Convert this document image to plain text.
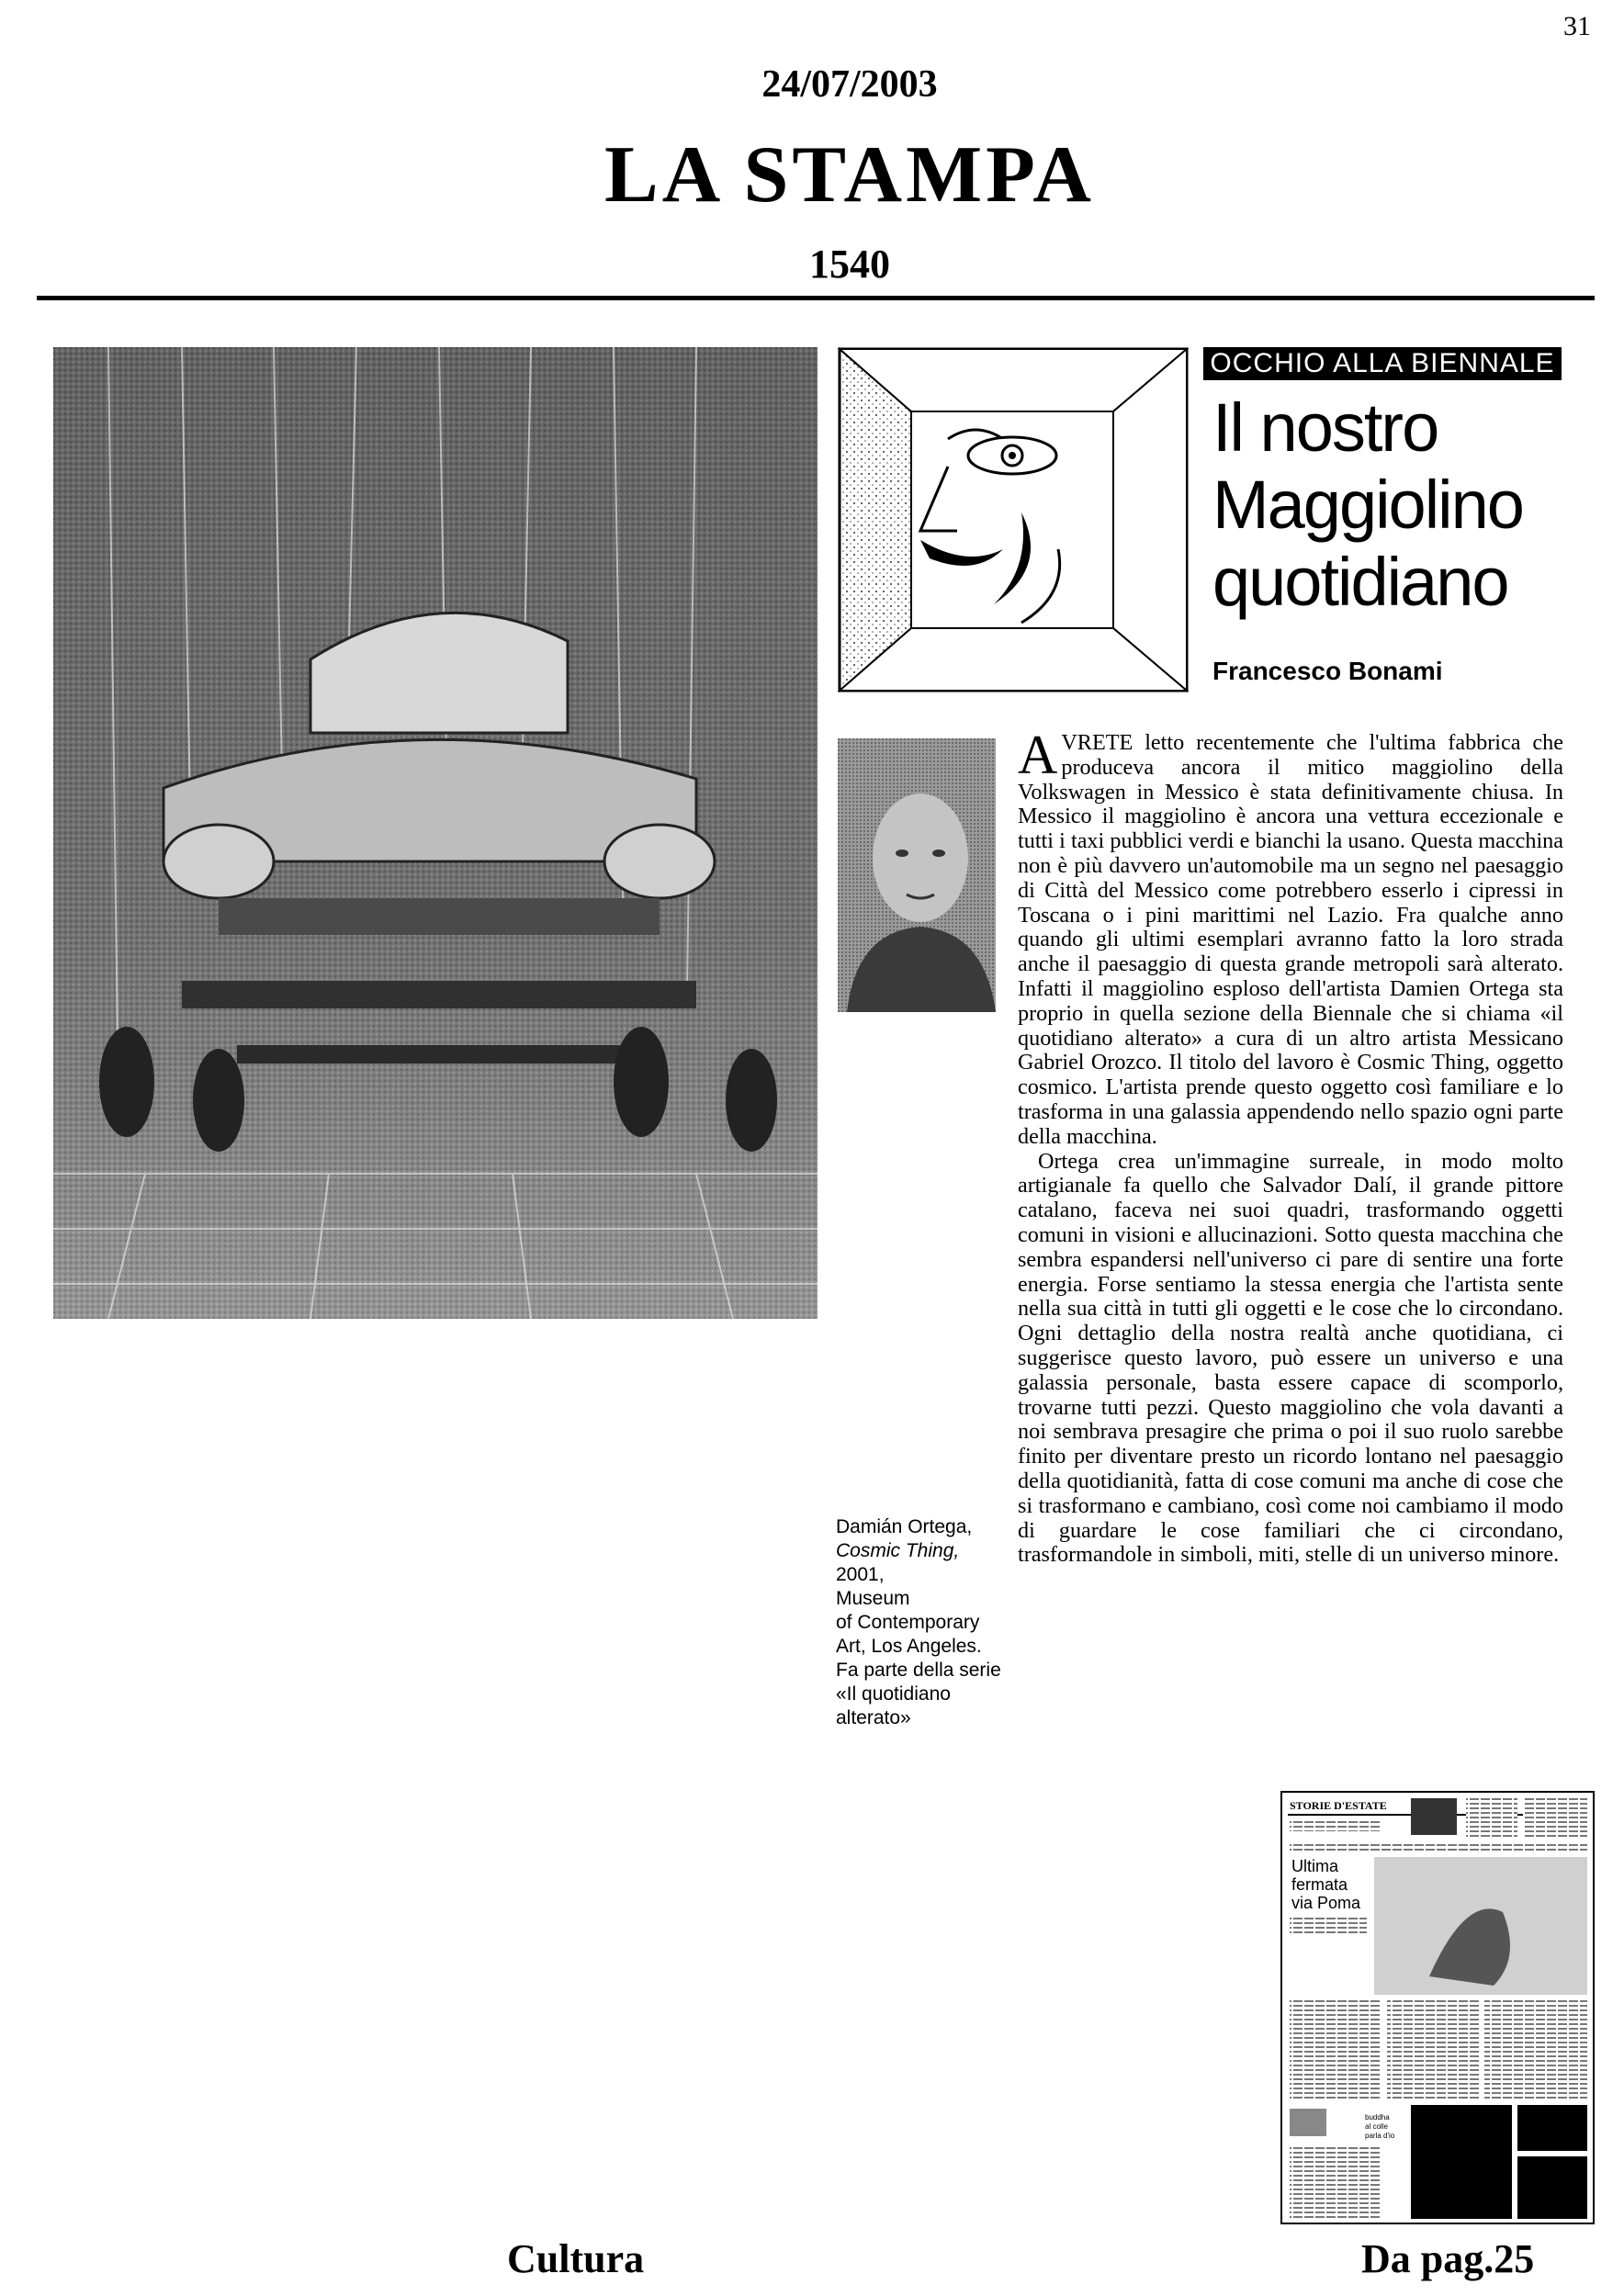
31
24/07/2003
LA STAMPA
1540
OCCHIO ALLA BIENNALE
Il nostro
Maggiolino
quotidiano
Francesco Bonami
Damián Ortega,
Cosmic Thing,
2001,
Museum
of Contemporary
Art, Los Angeles.
Fa parte della serie
«Il quotidiano
alterato»

AVRETE letto recentemente che l'ultima fabbrica che produceva ancora il mitico maggiolino della Volkswagen in Messico è stata definitivamente chiusa. In Messico il maggiolino è ancora una vettura eccezionale e tutti i taxi pubblici verdi e bianchi la usano. Questa macchina non è più davvero un'automobile ma un segno nel paesaggio di Città del Messico come potrebbero esserlo i cipressi in Toscana o i pini marittimi nel Lazio. Fra qualche anno quando gli ultimi esemplari avranno fatto la loro strada anche il paesaggio di questa grande metropoli sarà alterato. Infatti il maggiolino esploso dell'artista Damien Ortega sta proprio in quella sezione della Biennale che si chiama «il quotidiano alterato» a cura di un altro artista Messicano Gabriel Orozco. Il titolo del lavoro è Cosmic Thing, oggetto cosmico. L'artista prende questo oggetto così familiare e lo trasforma in una galassia appendendo nello spazio ogni parte della macchina.

Ortega crea un'immagine surreale, in modo molto artigianale fa quello che Salvador Dalí, il grande pittore catalano, faceva nei suoi quadri, trasformando oggetti comuni in visioni e allucinazioni. Sotto questa macchina che sembra espandersi nell'universo ci pare di sentire una forte energia. Forse sentiamo la stessa energia che l'artista sente nella sua città in tutti gli oggetti e le cose che lo circondano. Ogni dettaglio della nostra realtà anche quotidiana, ci suggerisce questo lavoro, può essere un universo e una galassia personale, basta essere capace di scomporlo, trovarne tutti pezzi. Questo maggiolino che vola davanti a noi sembrava presagire che prima o poi il suo ruolo sarebbe finito per diventare presto un ricordo lontano nel paesaggio della quotidianità, fatta di cose comuni ma anche di cose che si trasformano e cambiano, così come noi cambiamo il modo di guardare le cose familiari che ci circondano, trasformandole in simboli, miti, stelle di un universo minore.

STORIE D'ESTATE
Ultima
fermata
via Poma
buddha
al colle
parla d'io
Cultura	Da pag.25
